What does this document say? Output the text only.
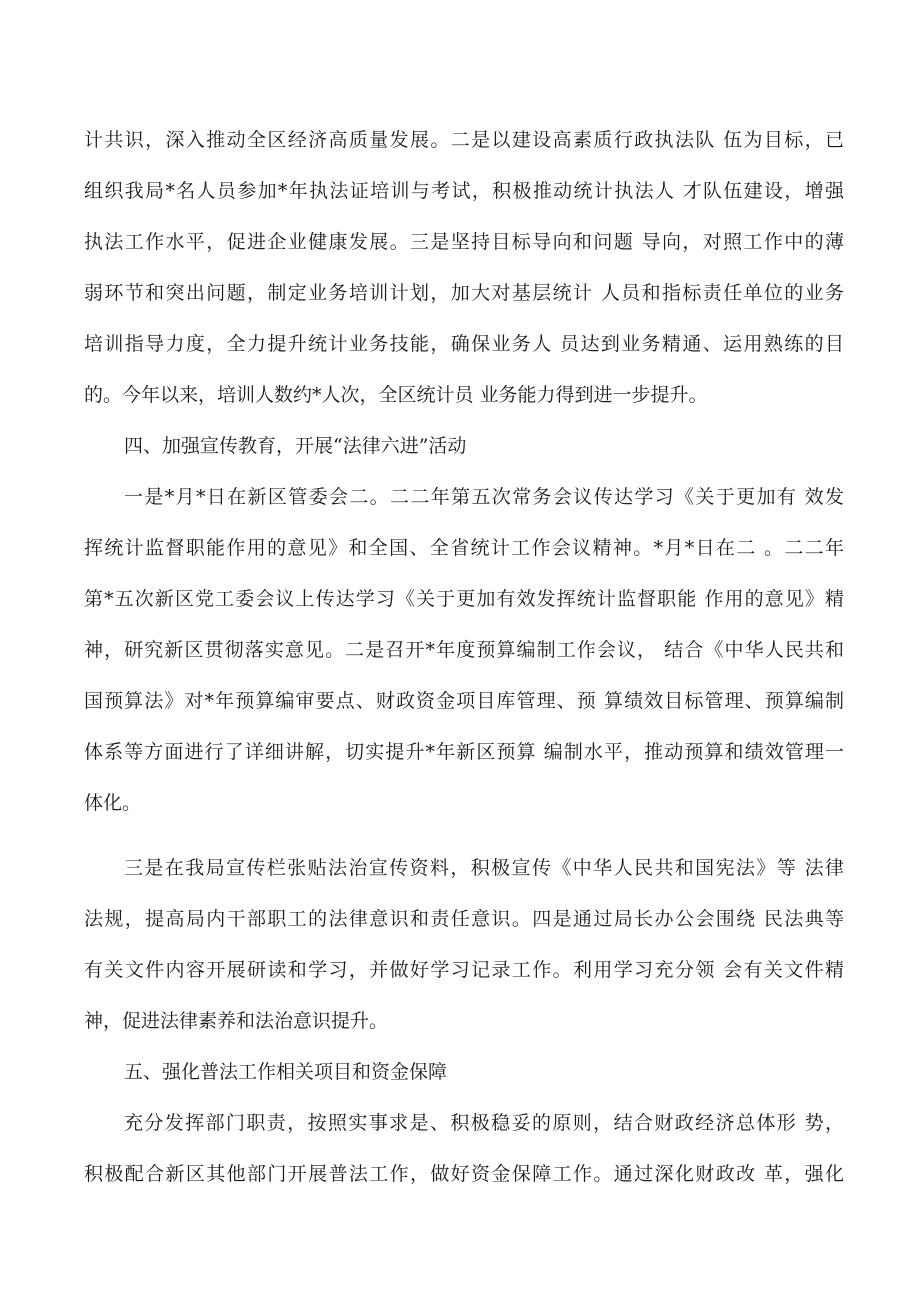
计共识，深入推动全区经济高质量发展。二是以建设高素质行政执法队 伍为目标，已
组织我局*名人员参加*年执法证培训与考试，积极推动统计执法人 才队伍建设，增强
执法工作水平，促进企业健康发展。三是坚持目标导向和问题 导向，对照工作中的薄
弱环节和突出问题，制定业务培训计划，加大对基层统计 人员和指标责任单位的业务
培训指导力度，全力提升统计业务技能，确保业务人 员达到业务精通、运用熟练的目
的。今年以来，培训人数约*人次，全区统计员 业务能力得到进一步提升。
四、加强宣传教育，开展“法律六进”活动
一是*月*日在新区管委会二。二二年第五次常务会议传达学习《关于更加有 效发
挥统计监督职能作用的意见》和全国、全省统计工作会议精神。*月*日在二 。二二年
第*五次新区党工委会议上传达学习《关于更加有效发挥统计监督职能 作用的意见》精
神，研究新区贯彻落实意见。二是召开*年度预算编制工作会议， 结合《中华人民共和
国预算法》对*年预算编审要点、财政资金项目库管理、预 算绩效目标管理、预算编制
体系等方面进行了详细讲解，切实提升*年新区预算 编制水平，推动预算和绩效管理一
体化。
三是在我局宣传栏张贴法治宣传资料，积极宣传《中华人民共和国宪法》等 法律
法规，提高局内干部职工的法律意识和责任意识。四是通过局长办公会围绕 民法典等
有关文件内容开展研读和学习，并做好学习记录工作。利用学习充分领 会有关文件精
神，促进法律素养和法治意识提升。
五、强化普法工作相关项目和资金保障
充分发挥部门职责，按照实事求是、积极稳妥的原则，结合财政经济总体形 势，
积极配合新区其他部门开展普法工作，做好资金保障工作。通过深化财政改 革，强化
